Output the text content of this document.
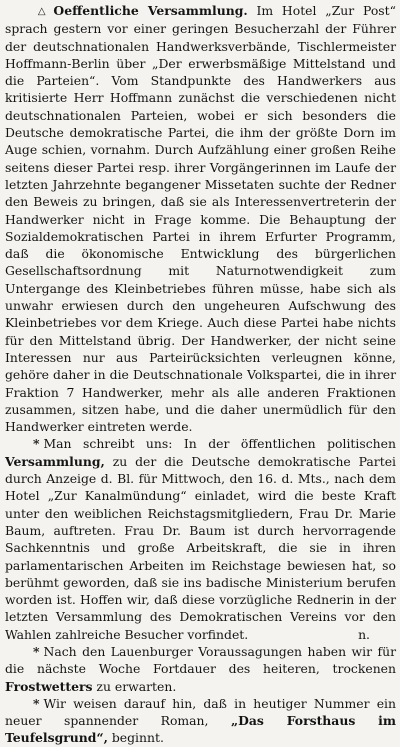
△ Oeffentliche Versammlung. Im Hotel „Zur Post“ sprach gestern vor einer geringen Besucherzahl der Führer der deutschnationalen Handwerksverbände, Tischlermeister Hoffmann-Berlin über „Der erwerbsmäßige Mittelstand und die Parteien“. Vom Standpunkte des Handwerkers aus kritisierte Herr Hoffmann zunächst die verschiedenen nicht deutschnationalen Parteien, wobei er sich besonders die Deutsche demokratische Partei, die ihm der größte Dorn im Auge schien, vornahm. Durch Aufzählung einer großen Reihe seitens dieser Partei resp. ihrer Vorgängerinnen im Laufe der letzten Jahrzehnte begangener Missetaten suchte der Redner den Beweis zu bringen, daß sie als Interessenvertreterin der Handwerker nicht in Frage komme. Die Behauptung der Sozialdemokratischen Partei in ihrem Erfurter Programm, daß die ökonomische Entwicklung des bürgerlichen Gesellschaftsordnung mit Naturnotwendigkeit zum Untergange des Kleinbetriebes führen müsse, habe sich als unwahr erwiesen durch den ungeheuren Aufschwung des Kleinbetriebes vor dem Kriege. Auch diese Partei habe nichts für den Mittelstand übrig. Der Handwerker, der nicht seine Interessen nur aus Parteirücksichten verleugnen könne, gehöre daher in die Deutschnationale Volkspartei, die in ihrer Fraktion 7 Handwerker, mehr als alle anderen Fraktionen zusammen, sitzen habe, und die daher unermüdlich für den Handwerker eintreten werde.

* Man schreibt uns: In der öffentlichen politischen Versammlung, zu der die Deutsche demokratische Partei durch Anzeige d. Bl. für Mittwoch, den 16. d. Mts., nach dem Hotel „Zur Kanalmündung“ einladet, wird die beste Kraft unter den weiblichen Reichstagsmitgliedern, Frau Dr. Marie Baum, auftreten. Frau Dr. Baum ist durch hervorragende Sachkenntnis und große Arbeitskraft, die sie in ihren parlamentarischen Arbeiten im Reichstage bewiesen hat, so berühmt geworden, daß sie ins badische Ministerium berufen worden ist. Hoffen wir, daß diese vorzügliche Rednerin in der letzten Versammlung des Demokratischen Vereins vor den Wahlen zahlreiche Besucher vorfindet.	n.

* Nach den Lauenburger Voraussagungen haben wir für die nächste Woche Fortdauer des heiteren, trockenen Frostwetters zu erwarten.

* Wir weisen darauf hin, daß in heutiger Nummer ein neuer spannender Roman, „Das Forsthaus im Teufelsgrund“, beginnt.
